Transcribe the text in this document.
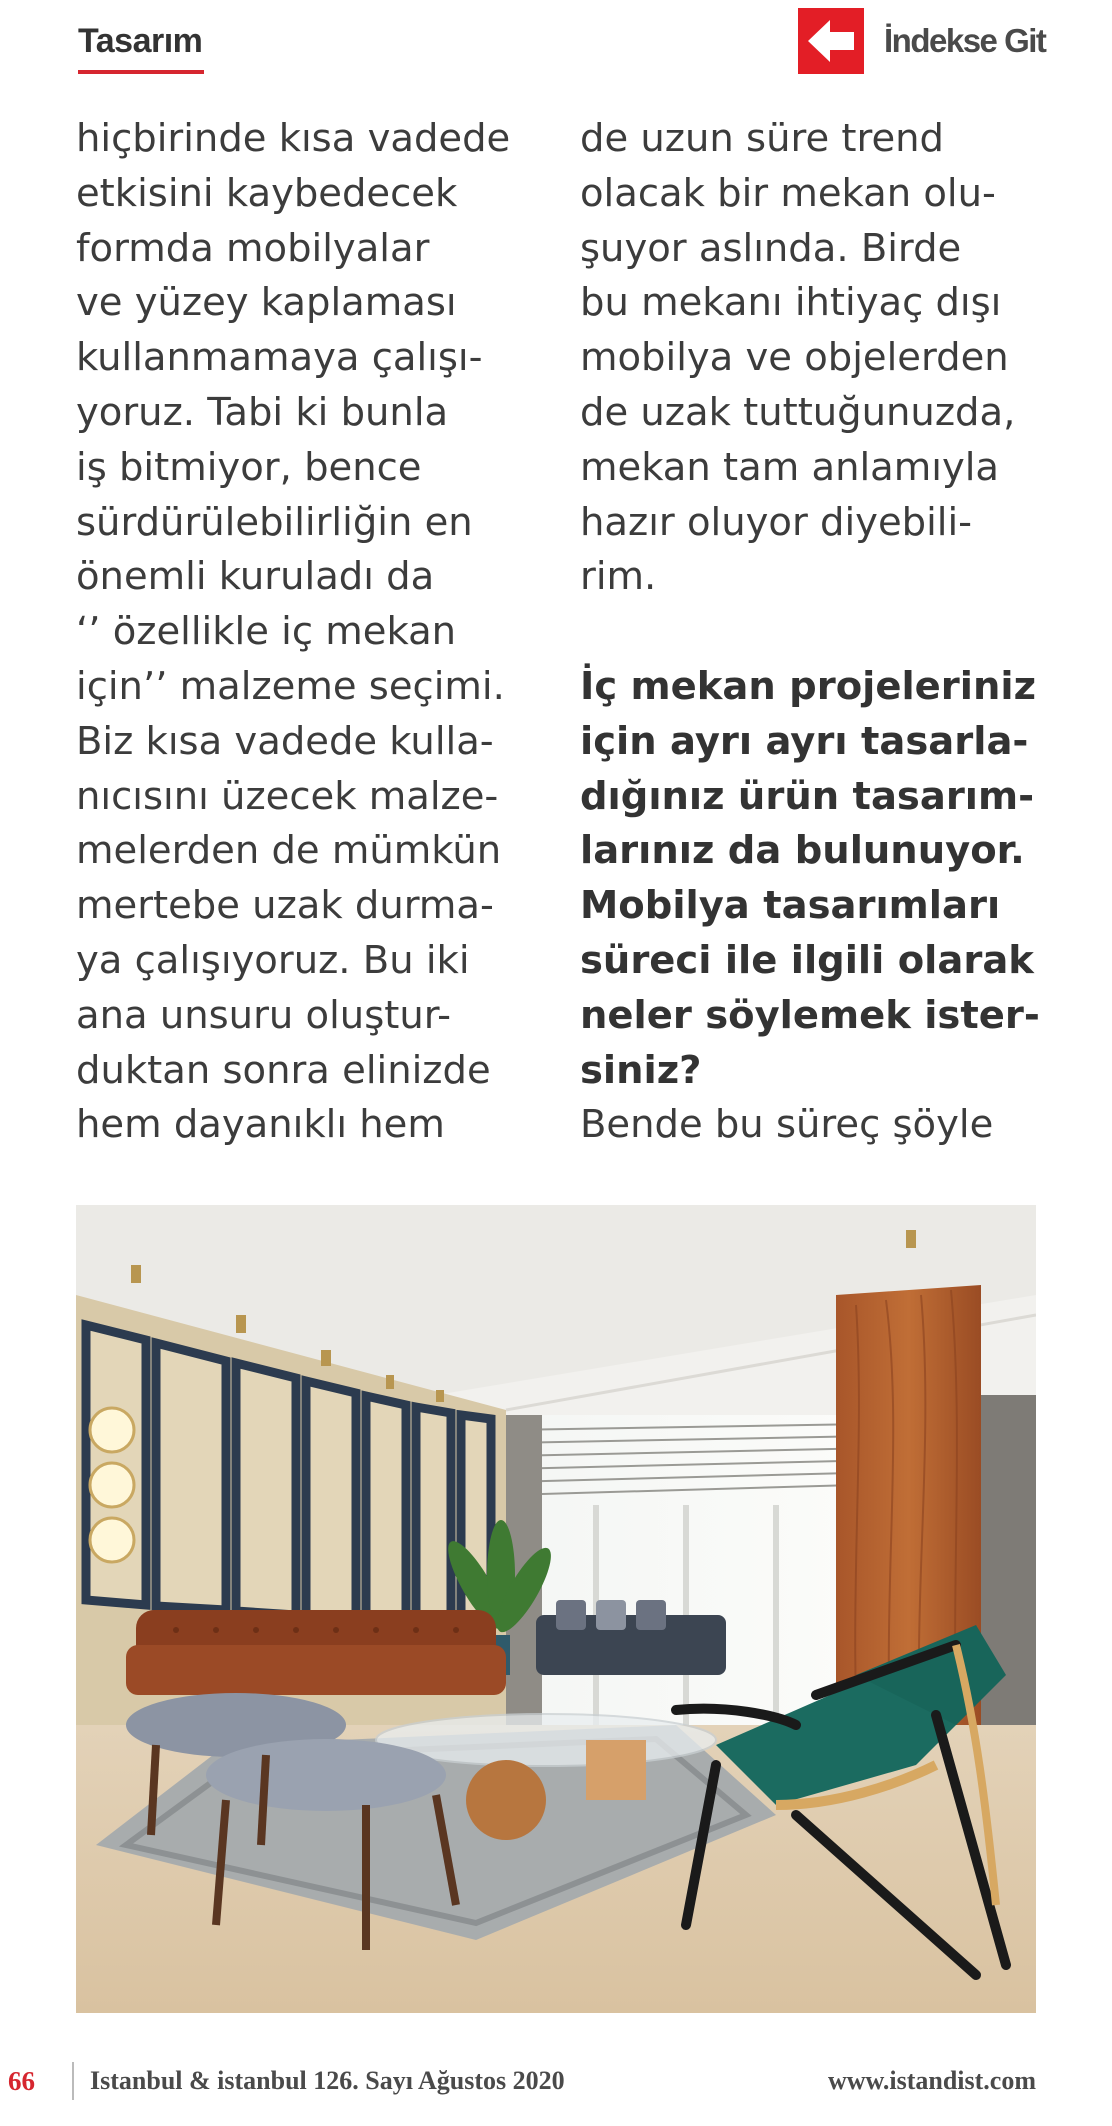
Tasarım	İndekse Git
hiçbirinde kısa vadede
etkisini kaybedecek
formda mobilyalar
ve yüzey kaplaması
kullanmamaya çalışı-
yoruz. Tabi ki bunla
iş bitmiyor, bence
sürdürülebilirliğin en
önemli kuruladı da
‘’ özellikle iç mekan
için’’ malzeme seçimi.
Biz kısa vadede kulla-
nıcısını üzecek malze-
melerden de mümkün
mertebe uzak durma-
ya çalışıyoruz. Bu iki
ana unsuru oluştur-
duktan sonra elinizde
hem dayanıklı hem
de uzun süre trend
olacak bir mekan olu-
şuyor aslında. Birde
bu mekanı ihtiyaç dışı
mobilya ve objelerden
de uzak tuttuğunuzda,
mekan tam anlamıyla
hazır oluyor diyebili-
rim.
İç mekan projeleriniz
için ayrı ayrı tasarla-
dığınız ürün tasarım-
larınız da bulunuyor.
Mobilya tasarımları
süreci ile ilgili olarak
neler söylemek ister-
siniz?
Bende bu süreç şöyle
66 Istanbul & istanbul 126. Sayı Ağustos 2020	www.istandist.com
